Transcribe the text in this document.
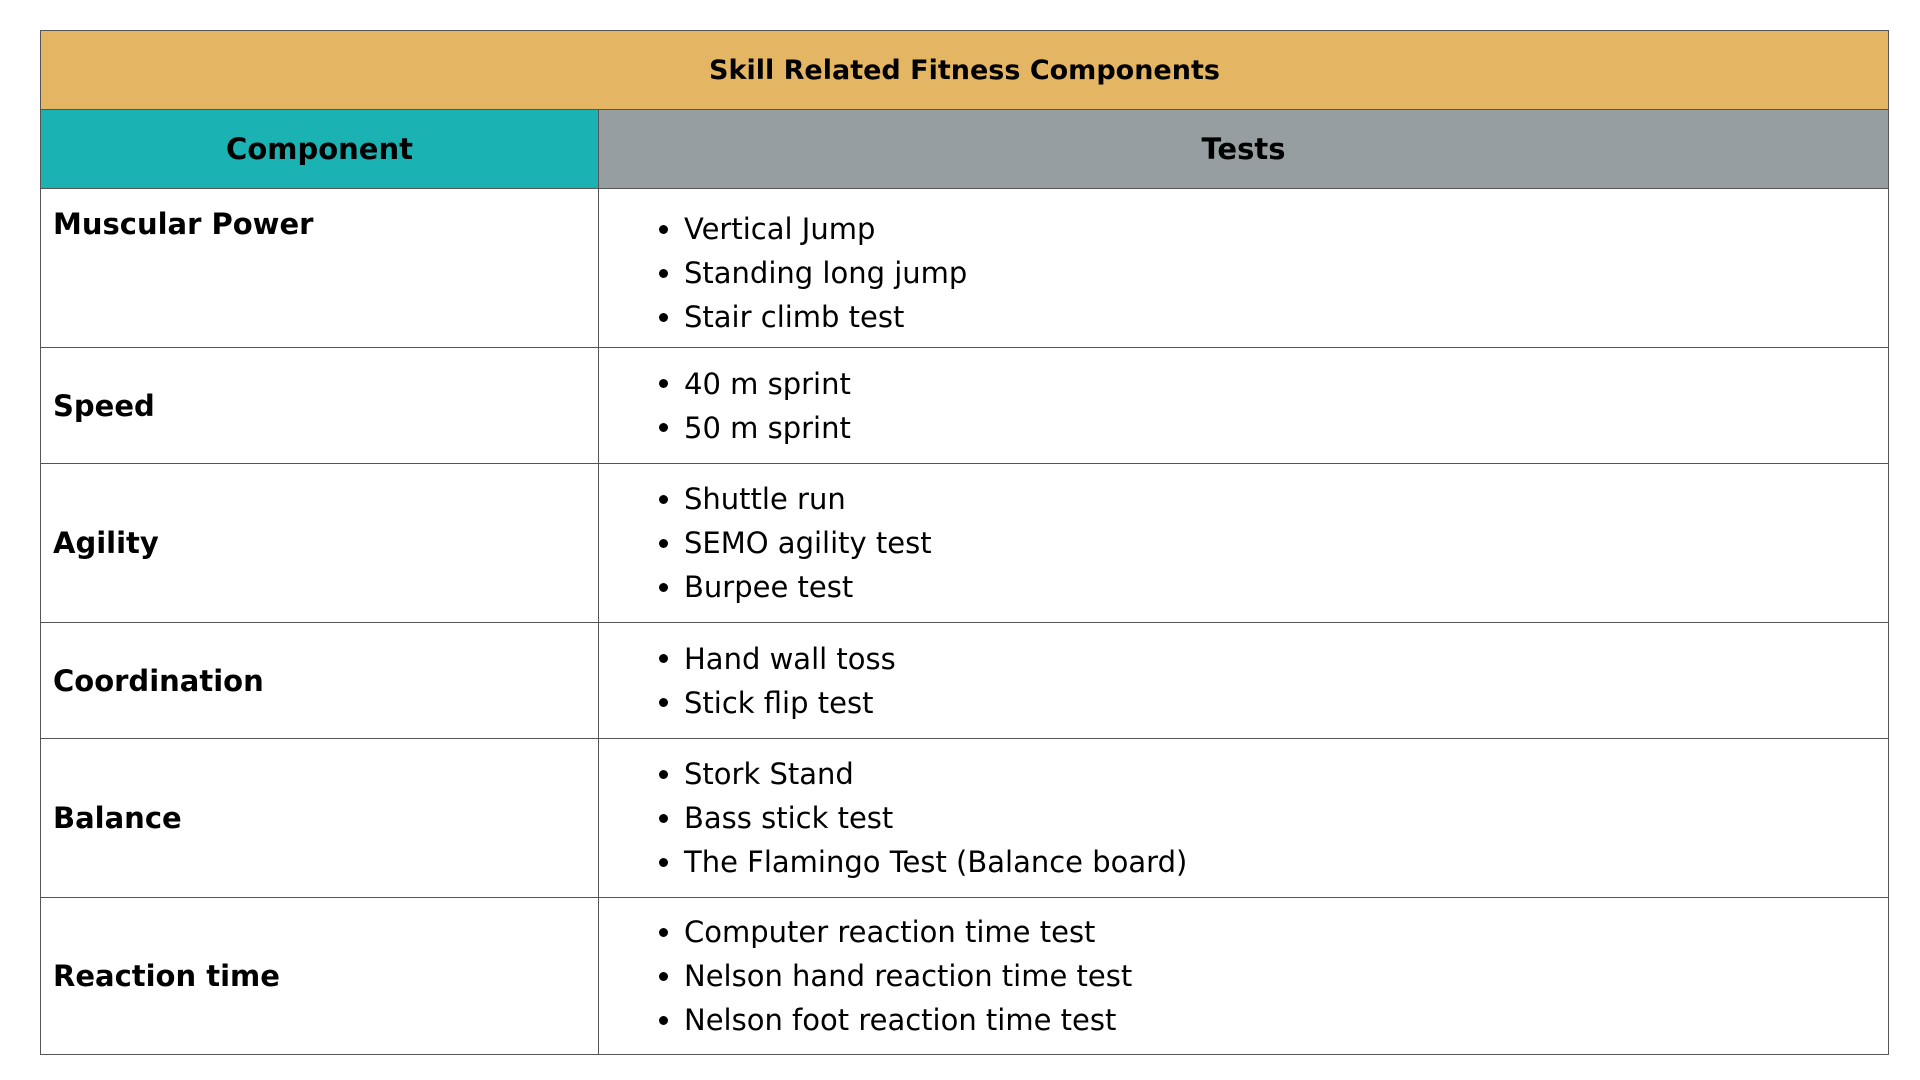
Skill Related Fitness Components
Component	Tests
Muscular Power	Vertical Jump
Standing long jump
Stair climb test
Speed
40 m sprint
50 m sprint
Agility
Shuttle run
SEMO agility test
Burpee test
Coordination
Hand wall toss
Stick flip test
Balance
Stork Stand
Bass stick test
The Flamingo Test (Balance board)
Reaction time
Computer reaction time test
Nelson hand reaction time test
Nelson foot reaction time test
